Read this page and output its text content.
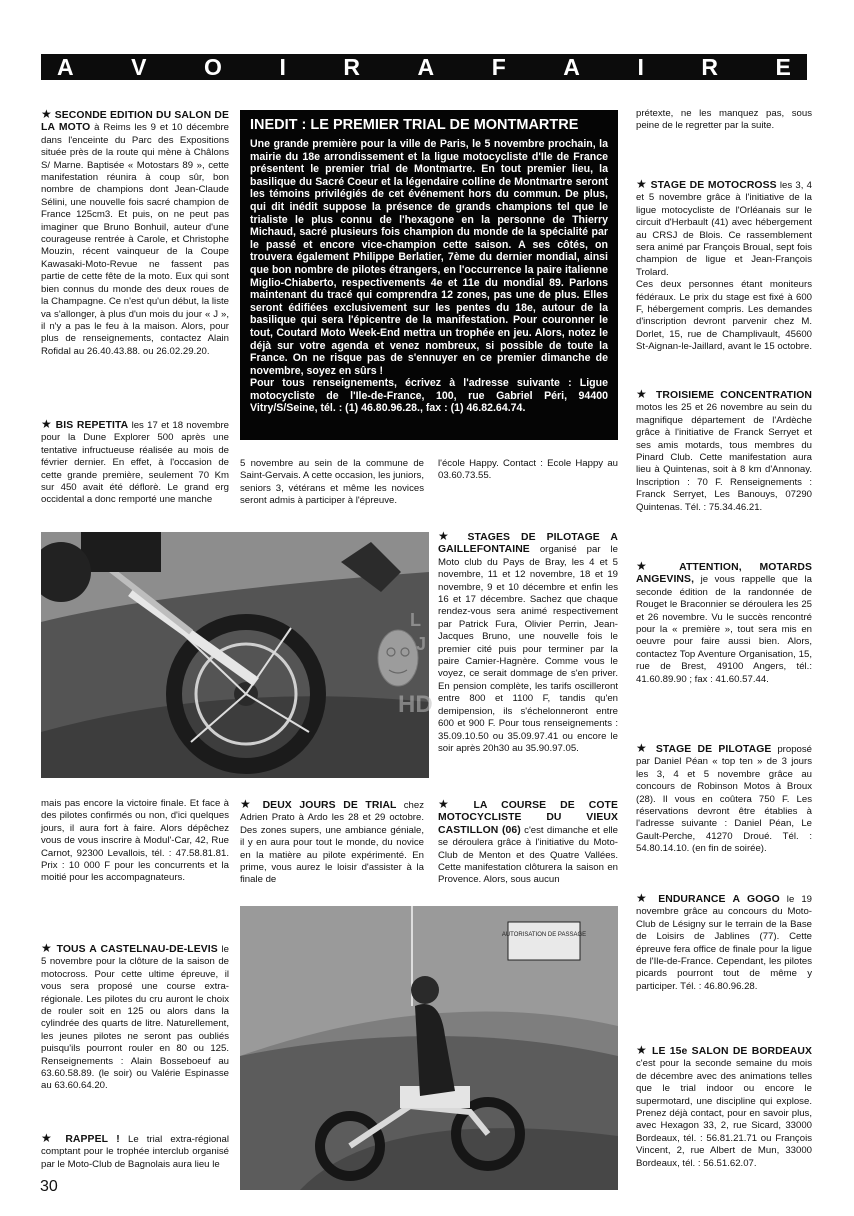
A	V	O	I	R	A	F	A	I	R	E

★ SECONDE EDITION DU SALON DE LA MOTO à Reims les 9 et 10 décembre dans l'enceinte du Parc des Expositions située près de la route qui mène à Châlons S/ Marne. Baptisée « Motostars 89 », cette manifestation réunira à coup sûr, bon nombre de champions dont Jean-Claude Sélini, une nouvelle fois sacré champion de France 125cm3. Et puis, on ne peut pas imaginer que Bruno Bonhuil, auteur d'une courageuse rentrée à Carole, et Christophe Mouzin, récent vainqueur de la Coupe Kawasaki-Moto-Revue ne fassent pas partie de cette fête de la moto. Eux qui sont bien connus du monde des deux roues de la Champagne. Ce n'est qu'un début, la liste va s'allonger, à plus d'un mois du jour « J », il n'y a pas le feu à la maison. Alors, pour plus de renseignements, contactez Alain Rofidal au 26.40.43.88. ou 26.02.29.20.

★ BIS REPETITA les 17 et 18 novembre pour la Dune Explorer 500 après une tentative infructueuse réalisée au mois de février dernier. En effet, à l'occasion de cette grande première, seulement 70 Km sur 450 avait été déflorè. Le grand erg occidental a donc remporté une manche

INEDIT : LE PREMIER TRIAL DE MONTMARTRE
Une grande première pour la ville de Paris, le 5 novembre prochain, la mairie du 18e arrondissement et la ligue motocycliste d'Ile de France présentent le premier trial de Montmartre. En tout premier lieu, la basilique du Sacré Coeur et la légendaire colline de Montmartre seront les témoins privilégiés de cet événement hors du commun. De plus, qui dit inédit suppose la présence de grands champions tel que le trialiste le plus connu de l'hexagone en la personne de Thierry Michaud, sacré plusieurs fois champion du monde de la spécialité par le passé et encore vice-champion cette saison. A ses côtés, on trouvera également Philippe Berlatier, 7ème du dernier mondial, ainsi que bon nombre de pilotes étrangers, en l'occurrence la paire italienne Miglio-Chiaberto, respectivements 4e et 11e du mondial 89. Parlons maintenant du tracé qui comprendra 12 zones, pas une de plus. Elles seront édifiées exclusivement sur les pentes du 18e, autour de la basilique qui sera l'épicentre de la manifestation. Pour couronner le tout, Coutard Moto Week-End mettra un trophée en jeu. Alors, notez le déjà sur votre agenda et venez nombreux, si possible de toute la France. On ne risque pas de s'ennuyer en ce premier dimanche de novembre, soyez en sûrs !
Pour tous renseignements, écrivez à l'adresse suivante : Ligue motocycliste de l'Ile-de-France, 100, rue Gabriel Péri, 94400 Vitry/S/Seine, tél. : (1) 46.80.96.28., fax : (1) 46.82.64.74.

5 novembre au sein de la commune de Saint-Gervais. A cette occasion, les juniors, seniors 3, vétérans et même les novices seront admis à participer à l'épreuve.

l'école Happy. Contact : Ecole Happy au 03.60.73.55.

mais pas encore la victoire finale. Et face à des pilotes confirmés ou non, d'ici quelques jours, il aura fort à faire. Alors dépêchez vous de vous inscrire à Modul'-Car, 42, Rue Carnot, 92300 Levallois, tél. : 47.58.81.81. Prix : 10 000 F pour les concurrents et la moitié pour les accompagnateurs.

★ TOUS A CASTELNAU-DE-LEVIS le 5 novembre pour la clôture de la saison de motocross. Pour cette ultime épreuve, il vous sera proposé une course extra-régionale. Les pilotes du cru auront le choix de rouler soit en 125 ou alors dans la cylindrée des quarts de litre. Naturellement, les jeunes pilotes ne seront pas oubliés puisqu'ils pourront rouler en 80 ou 125. Renseignements : Alain Bosseboeuf au 63.60.58.89. (le soir) ou Valérie Espinasse au 63.60.64.20.

★ RAPPEL ! Le trial extra-régional comptant pour le trophée interclub organisé par le Moto-Club de Bagnolais aura lieu le

30

★ DEUX JOURS DE TRIAL chez Adrien Prato à Ardo les 28 et 29 octobre. Des zones supers, une ambiance géniale, il y en aura pour tout le monde, du novice en la matière au pilote expérimenté. En prime, vous aurez le loisir d'assister à la finale de

★ STAGES DE PILOTAGE A GAILLEFONTAINE organisé par le Moto club du Pays de Bray, les 4 et 5 novembre, 11 et 12 novembre, 18 et 19 novembre, 9 et 10 décembre et enfin les 16 et 17 décembre. Sachez que chaque rendez-vous sera animé respectivement par Patrick Fura, Olivier Perrin, Jean-Jacques Bruno, une nouvelle fois le premier cité puis pour terminer par la paire Camier-Hagnère. Comme vous le voyez, ce serait dommage de s'en priver. En pension complète, les tarifs oscilleront entre 800 et 1100 F, tandis qu'en demipension, ils s'échelonneront entre 600 et 900 F. Pour tous renseignements : 35.09.10.50 ou 35.09.97.41 ou encore le soir après 20h30 au 35.90.97.05.

★ LA COURSE DE COTE MOTOCYCLISTE DU VIEUX CASTILLON (06) c'est dimanche et elle se déroulera grâce à l'initiative du Moto-Club de Menton et des Quatre Vallées. Cette manifestation clôturera la saison en Provence. Alors, sous aucun

L
J
HD
AUTORISATION DE PASSAGE

prétexte, ne les manquez pas, sous peine de le regretter par la suite.

★ STAGE DE MOTOCROSS les 3, 4 et 5 novembre grâce à l'initiative de la ligue motocycliste de l'Orléanais sur le circuit d'Herbault (41) avec hébergement au CRSJ de Blois. Ce rassemblement sera animé par François Broual, sept fois champion de ligue et Jean-François Trolard.

Ces deux personnes étant moniteurs fédéraux. Le prix du stage est fixé à 600 F, hébergement compris. Les demandes d'inscription devront parvenir chez M. Dorlet, 15, rue de Champlivault, 45600 St-Aignan-le-Jaillard, avant le 15 octobre.

★ TROISIEME CONCENTRATION motos les 25 et 26 novembre au sein du magnifique département de l'Ardèche grâce à l'initiative de Franck Serryet et ses amis motards, tous membres du Pinard Club. Cette manifestation aura lieu à Quintenas, soit à 8 km d'Annonay. Inscription : 70 F. Renseignements : Franck Serryet, Les Banouys, 07290 Quintenas. Tél. : 75.34.46.21.

★ ATTENTION, MOTARDS ANGEVINS, je vous rappelle que la seconde édition de la randonnée de Rouget le Braconnier se déroulera les 25 et 26 novembre. Vu le succès rencontré pour la « première », tout sera mis en oeuvre pour faire aussi bien. Alors, contactez Top Aventure Organisation, 15, rue de Brest, 49100 Angers, tél.: 41.60.89.90 ; fax : 41.60.57.44.

★ STAGE DE PILOTAGE proposé par Daniel Péan « top ten » de 3 jours les 3, 4 et 5 novembre grâce au concours de Robinson Motos à Broux (28). Il vous en coûtera 750 F. Les réservations devront être établies à l'adresse suivante : Daniel Péan, Le Gault-Perche, 41270 Droué. Tél. : 54.80.14.10. (en fin de soirée).

★ ENDURANCE A GOGO le 19 novembre grâce au concours du Moto-Club de Lésigny sur le terrain de la Base de Loisirs de Jablines (77). Cette épreuve fera office de finale pour la ligue de l'Ile-de-France. Cependant, les pilotes picards pourront tout de même y participer. Tél. : 46.80.96.28.

★ LE 15e SALON DE BORDEAUX c'est pour la seconde semaine du mois de décembre avec des animations telles que le trial indoor ou encore le supermotard, une discipline qui explose. Prenez déjà contact, pour en savoir plus, avec Hexagon 33, 2, rue Sicard, 33000 Bordeaux, tél. : 56.81.21.71 ou François Vincent, 2, rue Albert de Mun, 33000 Bordeaux, tél. : 56.51.62.07.
